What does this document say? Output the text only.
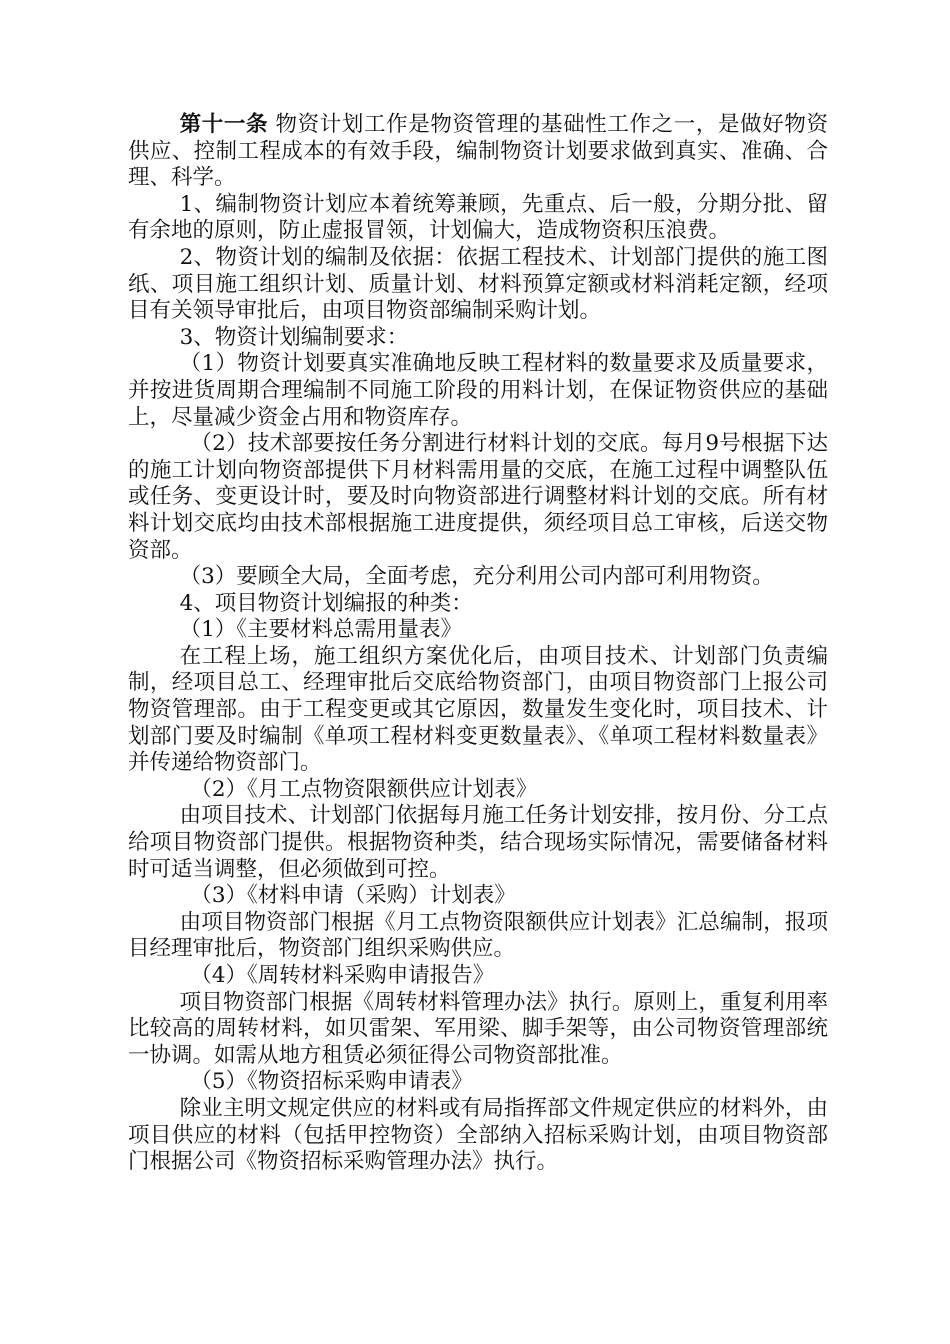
第十一条 物资计划工作是物资管理的基础性工作之一，是做好物资供应、控制工程成本的有效手段，编制物资计划要求做到真实、准确、合理、科学。

1、编制物资计划应本着统筹兼顾，先重点、后一般，分期分批、留有余地的原则，防止虚报冒领，计划偏大，造成物资积压浪费。

2、物资计划的编制及依据：依据工程技术、计划部门提供的施工图纸、项目施工组织计划、质量计划、材料预算定额或材料消耗定额，经项目有关领导审批后，由项目物资部编制采购计划。

3、物资计划编制要求：

（1）物资计划要真实准确地反映工程材料的数量要求及质量要求，并按进货周期合理编制不同施工阶段的用料计划，在保证物资供应的基础上，尽量减少资金占用和物资库存。

（2）技术部要按任务分割进行材料计划的交底。每月9号根据下达的施工计划向物资部提供下月材料需用量的交底，在施工过程中调整队伍或任务、变更设计时，要及时向物资部进行调整材料计划的交底。所有材料计划交底均由技术部根据施工进度提供，须经项目总工审核，后送交物资部。

（3）要顾全大局，全面考虑，充分利用公司内部可利用物资。

4、项目物资计划编报的种类：

（1）《主要材料总需用量表》

在工程上场，施工组织方案优化后，由项目技术、计划部门负责编制，经项目总工、经理审批后交底给物资部门，由项目物资部门上报公司物资管理部。由于工程变更或其它原因，数量发生变化时，项目技术、计划部门要及时编制《单项工程材料变更数量表》、《单项工程材料数量表》并传递给物资部门。

（2）《月工点物资限额供应计划表》

由项目技术、计划部门依据每月施工任务计划安排，按月份、分工点给项目物资部门提供。根据物资种类，结合现场实际情况，需要储备材料时可适当调整，但必须做到可控。

（3）《材料申请（采购）计划表》

由项目物资部门根据《月工点物资限额供应计划表》汇总编制，报项目经理审批后，物资部门组织采购供应。

（4）《周转材料采购申请报告》

项目物资部门根据《周转材料管理办法》执行。原则上，重复利用率比较高的周转材料，如贝雷架、军用梁、脚手架等，由公司物资管理部统一协调。如需从地方租赁必须征得公司物资部批准。

（5）《物资招标采购申请表》

除业主明文规定供应的材料或有局指挥部文件规定供应的材料外，由项目供应的材料（包括甲控物资）全部纳入招标采购计划，由项目物资部门根据公司《物资招标采购管理办法》执行。
